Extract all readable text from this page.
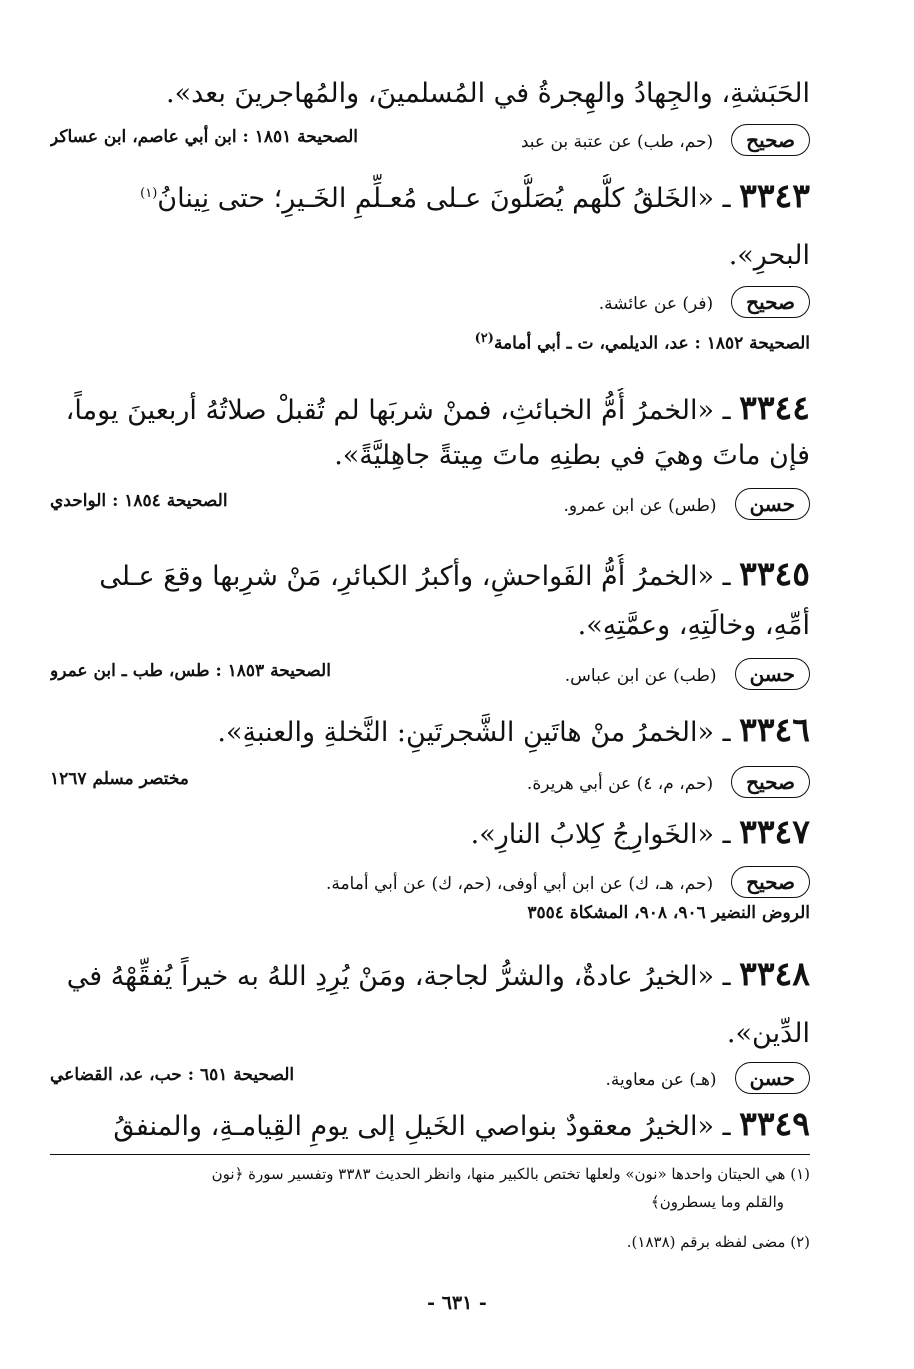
الحَبَشةِ، والجِهادُ والهِجرةُ في المُسلمينَ، والمُهاجرينَ بعد».
صحيح(حم، طب) عن عتبة بن عبد
الصحيحة ١٨٥١ : ابن أبي عاصم، ابن عساكر
٣٣٤٣ ـ «الخَلقُ كلُّهم يُصَلُّونَ عـلى مُعـلِّمِ الخَـيرِ؛ حتى نِينانُ$^{(١)}$
البحرِ».
صحيح(فر) عن عائشة.
الصحيحة ١٨٥٢ : عد، الديلمي، ت ـ أبي أمامة$^{(٢)}$
٣٣٤٤ ـ «الخمرُ أُمُّ الخبائثِ، فمنْ شربَها لم تُقبلْ صلاتُهُ أربعينَ يوماً،
فإن ماتَ وهيَ في بطنِهِ ماتَ مِيتةً جاهِليَّةً».
حسن(طس) عن ابن عمرو.
الصحيحة ١٨٥٤ : الواحدي
٣٣٤٥ ـ «الخمرُ أُمُّ الفَواحشِ، وأكبرُ الكبائرِ، مَنْ شرِبها وقعَ عـلى
أُمِّهِ، وخالَتِهِ، وعمَّتِهِ».
حسن(طب) عن ابن عباس.
الصحيحة ١٨٥٣ : طس، طب ـ ابن عمرو
٣٣٤٦ ـ «الخمرُ منْ هاتَينِ الشَّجرتَينِ: النَّخلةِ والعنبةِ».
صحيح(حم، م، ٤) عن أبي هريرة.
مختصر مسلم ١٢٦٧
٣٣٤٧ ـ «الخَوارِجُ كِلابُ النارِ».
صحيح(حم، هـ، ك) عن ابن أبي أوفى، (حم، ك) عن أبي أمامة.
الروض النضير ٩٠٦، ٩٠٨، المشكاة ٣٥٥٤
٣٣٤٨ ـ «الخيرُ عادةٌ، والشرُّ لجاجة، ومَنْ يُرِدِ اللهُ به خيراً يُفقِّهْهُ في
الدِّين».
حسن(هـ) عن معاوية.
الصحيحة ٦٥١ : حب، عد، القضاعي
٣٣٤٩ ـ «الخيرُ معقودٌ بنواصي الخَيلِ إلى يومِ القِيامـةِ، والمنفقُ
(١) هي الحيتان واحدها «نون» ولعلها تختص بالكبير منها، وانظر الحديث ٣٣٨٣ وتفسير سورة ﴿نون
والقلم وما يسطرون﴾
(٢) مضى لفظه برقم (١٨٣٨).
- ٦٣١ -
